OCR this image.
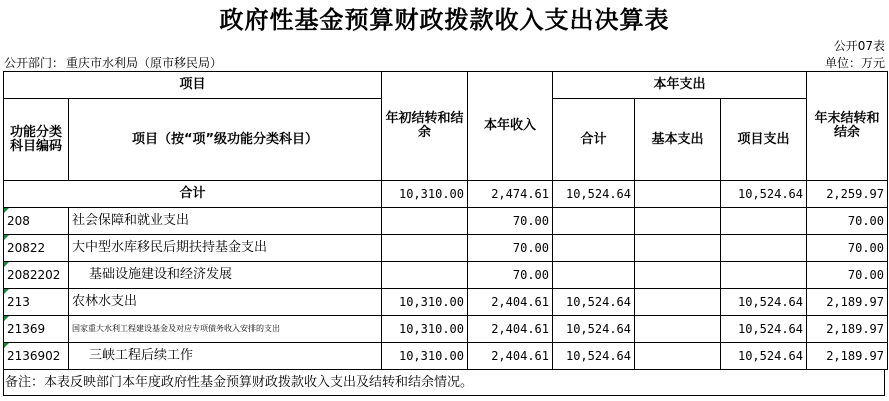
政府性基金预算财政拨款收入支出决算表
公开07表
公开部门： 重庆市水利局（原市移民局）	单位：万元
项目		年初结转和结余	本年收入	本年支出			年末结转和结余
功能分类科目编码	项目（按“项”级功能分类科目）			合计	基本支出	项目支出	

合计		10,310.00	2,474.61	10,524.64		10,524.64	2,259.97
208	社会保障和就业支出		70.00				70.00
20822	大中型水库移民后期扶持基金支出		70.00				70.00
2082202	基础设施建设和经济发展		70.00				70.00
213	农林水支出	10,310.00	2,404.61	10,524.64		10,524.64	2,189.97
21369	国家重大水利工程建设基金及对应专项债务收入安排的支出	10,310.00	2,404.61	10,524.64		10,524.64	2,189.97
2136902	三峡工程后续工作	10,310.00	2,404.61	10,524.64		10,524.64	2,189.97
备注：本表反映部门本年度政府性基金预算财政拨款收入支出及结转和结余情况。
